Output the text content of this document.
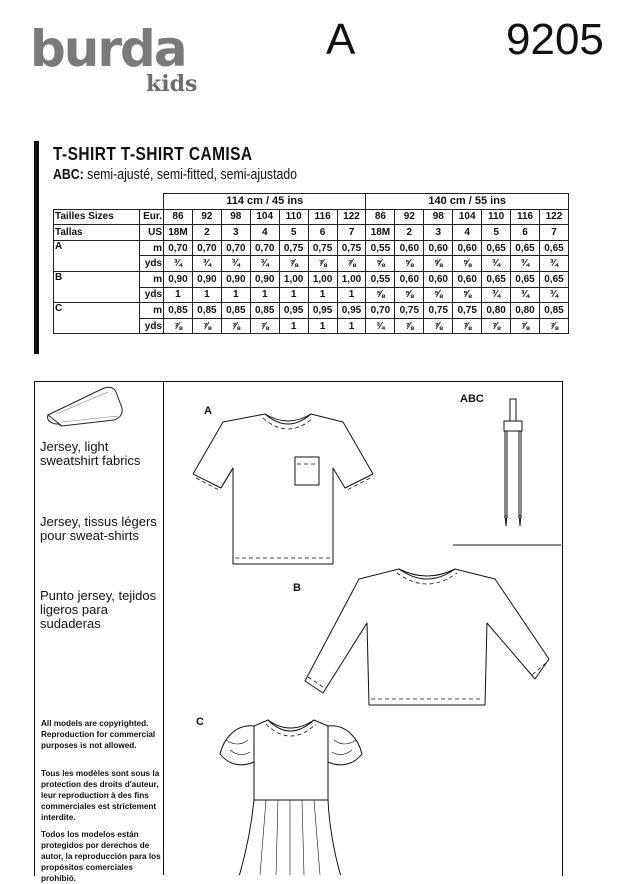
burda
kids
A	9205
T-SHIRT T-SHIRT CAMISA
ABC: semi-ajusté, semi-fitted, semi-ajustado
		114 cm / 45 ins							140 cm / 55 ins						
Tailles Sizes	Eur.	86	92	98	104	110	116	122	86	92	98	104	110	116	122
Tallas	US	18M	2	3	4	5	6	7	18M	2	3	4	5	6	7
A	m	0,70	0,70	0,70	0,70	0,75	0,75	0,75	0,55	0,60	0,60	0,60	0,65	0,65	0,65
	yds	¾	¾	¾	¾	⅞	⅞	⅞	⅝	⅝	⅝	⅝	¾	¾	¾
B	m	0,90	0,90	0,90	0,90	1,00	1,00	1,00	0,55	0,60	0,60	0,60	0,65	0,65	0,65
	yds	1	1	1	1	1	1	1	⅝	⅝	⅝	⅝	¾	¾	¾
C	m	0,85	0,85	0,85	0,85	0,95	0,95	0,95	0,70	0,75	0,75	0,75	0,80	0,80	0,85
	yds	⅞	⅞	⅞	⅞	1	1	1	¾	⅞	⅞	⅞	⅞	⅞	⅞
Jersey, light sweatshirt fabrics
Jersey, tissus légers pour sweat-shirts
Punto jersey, tejidos ligeros para sudaderas
All models are copyrighted. Reproduction for commercial purposes is not allowed.
Tous les modèles sont sous la protection des droits d'auteur, leur reproduction à des fins commerciales est strictement interdite.
Todos los modelos están protegidos por derechos de autor, la reproducción para los propósitos comerciales prohibió.
A
ABC
B
C
